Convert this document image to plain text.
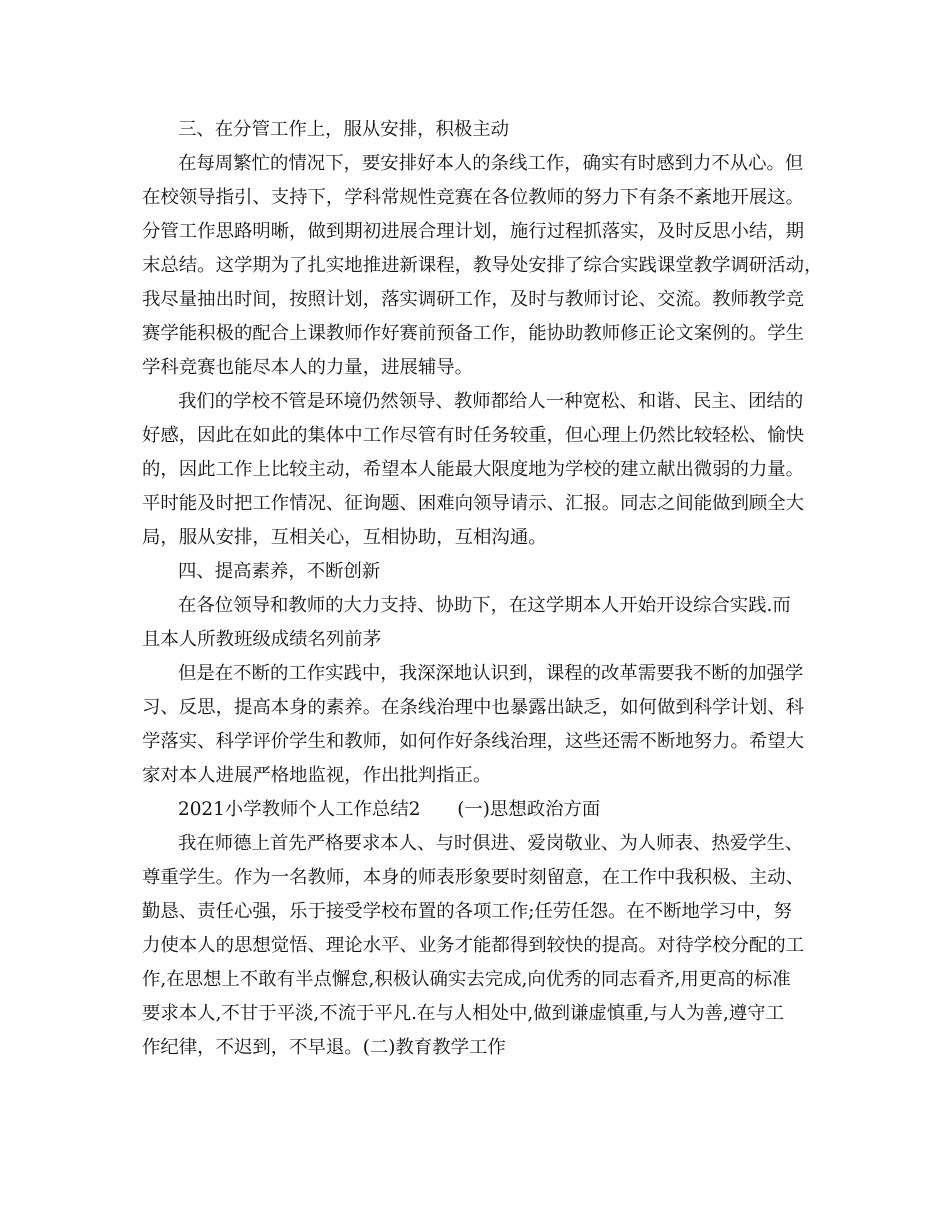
三、在分管工作上，服从安排，积极主动
在每周繁忙的情况下，要安排好本人的条线工作，确实有时感到力不从心。但
在校领导指引、支持下，学科常规性竞赛在各位教师的努力下有条不紊地开展这。
分管工作思路明晰，做到期初进展合理计划，施行过程抓落实，及时反思小结，期
末总结。这学期为了扎实地推进新课程，教导处安排了综合实践课堂教学调研活动，
我尽量抽出时间，按照计划，落实调研工作，及时与教师讨论、交流。教师教学竞
赛学能积极的配合上课教师作好赛前预备工作，能协助教师修正论文案例的。学生
学科竞赛也能尽本人的力量，进展辅导。
我们的学校不管是环境仍然领导、教师都给人一种宽松、和谐、民主、团结的
好感，因此在如此的集体中工作尽管有时任务较重，但心理上仍然比较轻松、愉快
的，因此工作上比较主动，希望本人能最大限度地为学校的建立献出微弱的力量。
平时能及时把工作情况、征询题、困难向领导请示、汇报。同志之间能做到顾全大
局，服从安排，互相关心，互相协助，互相沟通。
四、提高素养，不断创新
在各位领导和教师的大力支持、协助下，在这学期本人开始开设综合实践.而
且本人所教班级成绩名列前茅
但是在不断的工作实践中，我深深地认识到，课程的改革需要我不断的加强学
习、反思，提高本身的素养。在条线治理中也暴露出缺乏，如何做到科学计划、科
学落实、科学评价学生和教师，如何作好条线治理，这些还需不断地努力。希望大
家对本人进展严格地监视，作出批判指正。
2021小学教师个人工作总结2　　(一)思想政治方面
我在师德上首先严格要求本人、与时俱进、爱岗敬业、为人师表、热爱学生、
尊重学生。作为一名教师，本身的师表形象要时刻留意，在工作中我积极、主动、
勤恳、责任心强，乐于接受学校布置的各项工作;任劳任怨。在不断地学习中，努
力使本人的思想觉悟、理论水平、业务才能都得到较快的提高。对待学校分配的工
作,在思想上不敢有半点懈怠,积极认确实去完成,向优秀的同志看齐,用更高的标准
要求本人,不甘于平淡,不流于平凡.在与人相处中,做到谦虚慎重,与人为善,遵守工
作纪律，不迟到，不早退。(二)教育教学工作
